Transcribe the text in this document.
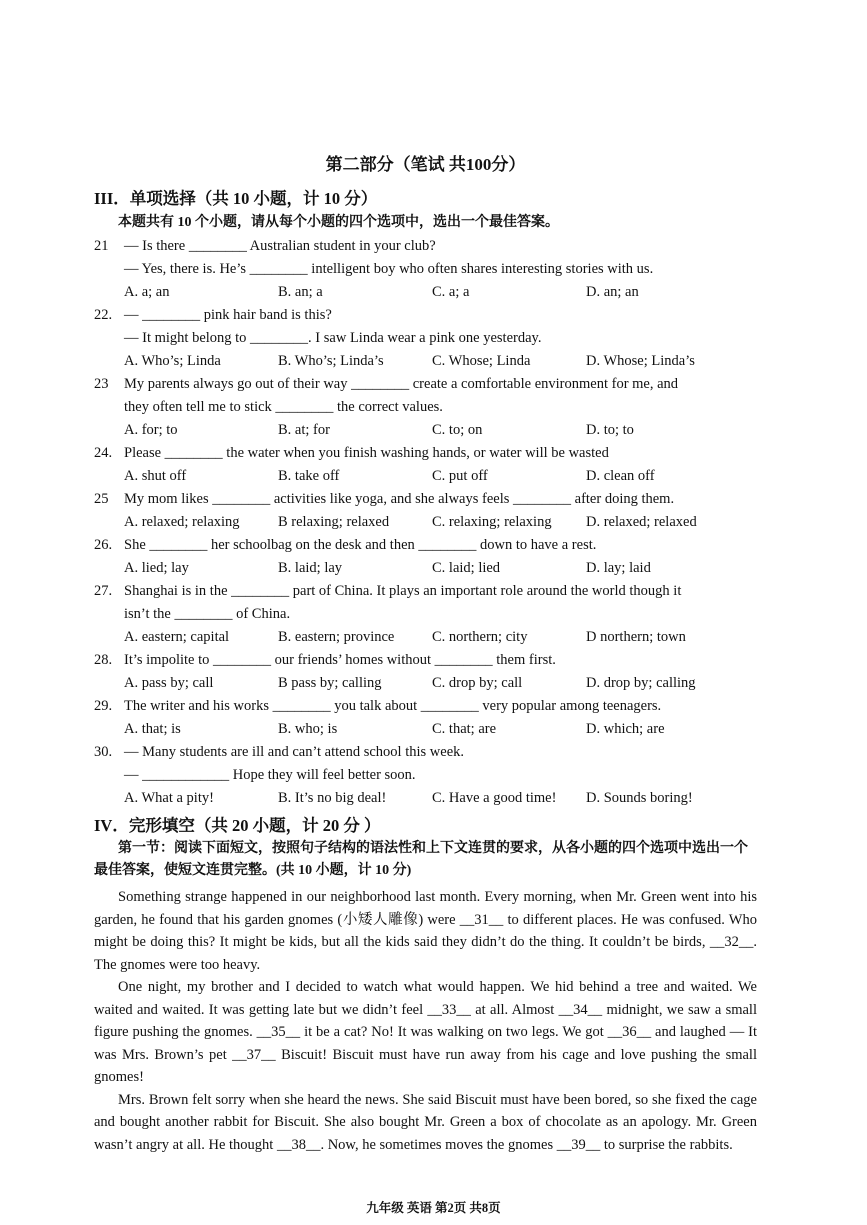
第二部分（笔试 共100分）
III．单项选择（共 10 小题，计 10 分）
本题共有 10 个小题，请从每个小题的四个选项中，选出一个最佳答案。
21 — Is there ________ Australian student in your club?
— Yes, there is. He’s ________ intelligent boy who often shares interesting stories with us.
A. a; an	B. an; a	C. a; a	D. an; an
22. — ________ pink hair band is this?
— It might belong to ________. I saw Linda wear a pink one yesterday.
A. Who’s; Linda	B. Who’s; Linda’s	C. Whose; Linda	D. Whose; Linda’s
23 My parents always go out of their way ________ create a comfortable environment for me, and
they often tell me to stick ________ the correct values.
A. for; to	B. at; for	C. to; on	D. to; to
24. Please ________ the water when you finish washing hands, or water will be wasted
A. shut off	B. take off	C. put off	D. clean off
25 My mom likes ________ activities like yoga, and she always feels ________ after doing them.
A. relaxed; relaxing	B relaxing; relaxed	C. relaxing; relaxing	D. relaxed; relaxed
26. She ________ her schoolbag on the desk and then ________ down to have a rest.
A. lied; lay	B. laid; lay	C. laid; lied	D. lay; laid
27. Shanghai is in the ________ part of China. It plays an important role around the world though it
isn’t the ________ of China.
A. eastern; capital	B. eastern; province	C. northern; city	D northern; town
28. It’s impolite to ________ our friends’ homes without ________ them first.
A. pass by; call	B pass by; calling	C. drop by; call	D. drop by; calling
29. The writer and his works ________ you talk about ________ very popular among teenagers.
A. that; is	B. who; is	C. that; are	D. which; are
30. — Many students are ill and can’t attend school this week.
— ____________ Hope they will feel better soon.
A. What a pity!	B. It’s no big deal!	C. Have a good time!	D. Sounds boring!
IV．完形填空（共 20 小题，计 20 分 ）
第一节：阅读下面短文，按照句子结构的语法性和上下文连贯的要求，从各小题的四个选项中选出一个最佳答案，使短文连贯完整。(共 10 小题，计 10 分)

Something strange happened in our neighborhood last month. Every morning, when Mr. Green went into his garden, he found that his garden gnomes (小矮人雕像) were __31__ to different places. He was confused. Who might be doing this? It might be kids, but all the kids said they didn’t do the thing. It couldn’t be birds, __32__. The gnomes were too heavy.

One night, my brother and I decided to watch what would happen. We hid behind a tree and waited. We waited and waited. It was getting late but we didn’t feel __33__ at all. Almost __34__ midnight, we saw a small figure pushing the gnomes. __35__ it be a cat? No! It was walking on two legs. We got __36__ and laughed — It was Mrs. Brown’s pet __37__ Biscuit! Biscuit must have run away from his cage and love pushing the small gnomes!

Mrs. Brown felt sorry when she heard the news. She said Biscuit must have been bored, so she fixed the cage and bought another rabbit for Biscuit. She also bought Mr. Green a box of chocolate as an apology. Mr. Green wasn’t angry at all. He thought __38__. Now, he sometimes moves the gnomes __39__ to surprise the rabbits.

九年级 英语 第2页 共8页
